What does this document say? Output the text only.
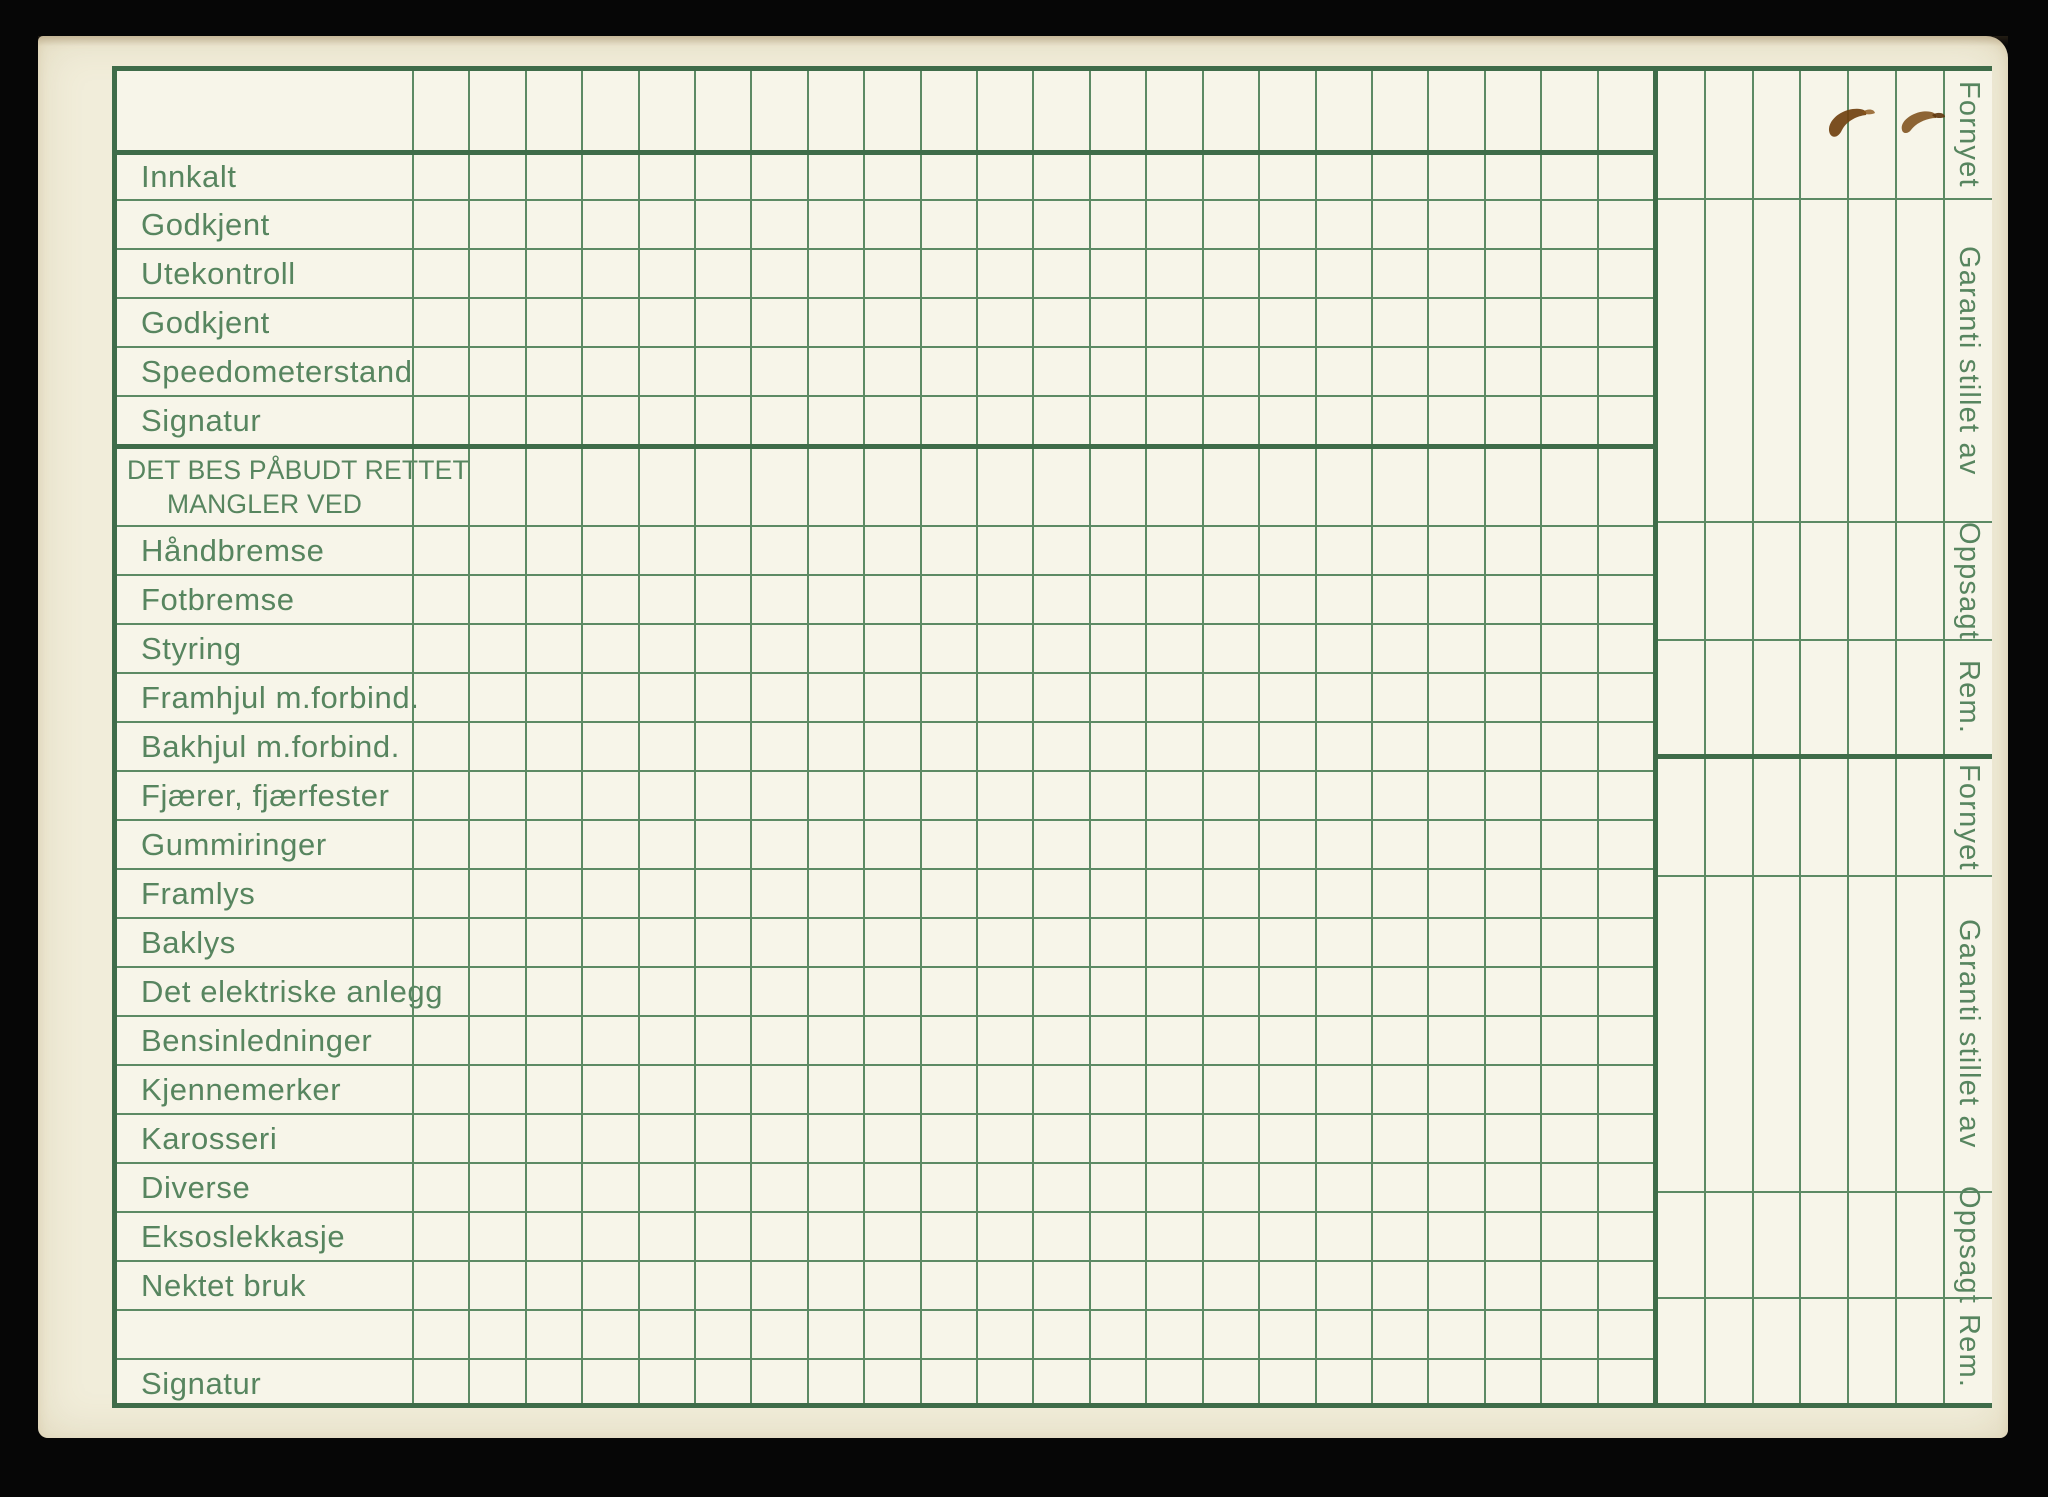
Innkalt
Godkjent
Utekontroll
Godkjent
Speedometerstand
Signatur
DET BES PÅBUDT RETTET
MANGLER VED
Håndbremse
Fotbremse
Styring
Framhjul m.forbind.
Bakhjul m.forbind.
Fjærer, fjærfester
Gummiringer
Framlys
Baklys
Det elektriske anlegg
Bensinledninger
Kjennemerker
Karosseri
Diverse
Eksoslekkasje
Nektet bruk
Signatur
Fornyet
Garanti stillet av
Oppsagt
Rem.
Fornyet
Garanti stillet av
Oppsagt
Rem.
